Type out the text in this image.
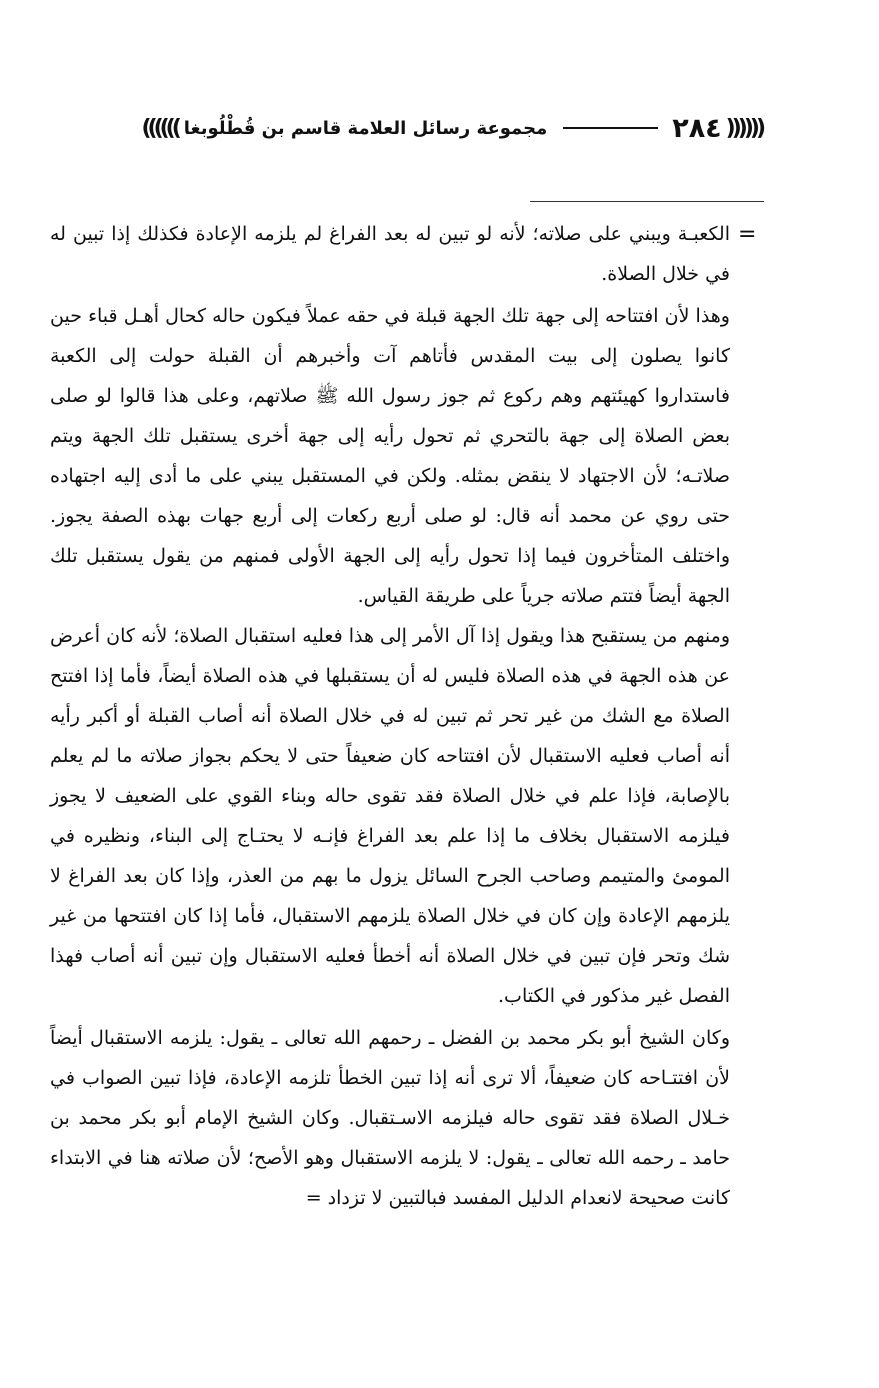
((((((
٢٨٤
مجموعة رسائل العلامة قاسم بن قُطْلُوبغا
))))))
=

الكعبـة ويبني على صلاته؛ لأنه لو تبين له بعد الفراغ لم يلزمه الإعادة فكذلك إذا تبين له في خلال الصلاة.

وهذا لأن افتتاحه إلى جهة تلك الجهة قبلة في حقه عملاً فيكون حاله كحال أهـل قباء حين كانوا يصلون إلى بيت المقدس فأتاهم آت وأخبرهم أن القبلة حولت إلى الكعبة فاستداروا كهيئتهم وهم ركوع ثم جوز رسول الله ﷺ صلاتهم، وعلى هذا قالوا لو صلى بعض الصلاة إلى جهة بالتحري ثم تحول رأيه إلى جهة أخرى يستقبل تلك الجهة ويتم صلاتـه؛ لأن الاجتهاد لا ينقض بمثله. ولكن في المستقبل يبني على ما أدى إليه اجتهاده حتى روي عن محمد أنه قال: لو صلى أربع ركعات إلى أربع جهات بهذه الصفة يجوز. واختلف المتأخرون فيما إذا تحول رأيه إلى الجهة الأولى فمنهم من يقول يستقبل تلك الجهة أيضاً فتتم صلاته جرياً على طريقة القياس.

ومنهم من يستقبح هذا ويقول إذا آل الأمر إلى هذا فعليه استقبال الصلاة؛ لأنه كان أعرض عن هذه الجهة في هذه الصلاة فليس له أن يستقبلها في هذه الصلاة أيضاً، فأما إذا افتتح الصلاة مع الشك من غير تحر ثم تبين له في خلال الصلاة أنه أصاب القبلة أو أكبر رأيه أنه أصاب فعليه الاستقبال لأن افتتاحه كان ضعيفاً حتى لا يحكم بجواز صلاته ما لم يعلم بالإصابة، فإذا علم في خلال الصلاة فقد تقوى حاله وبناء القوي على الضعيف لا يجوز فيلزمه الاستقبال بخلاف ما إذا علم بعد الفراغ فإنـه لا يحتـاج إلى البناء، ونظيره في المومئ والمتيمم وصاحب الجرح السائل يزول ما بهم من العذر، وإذا كان بعد الفراغ لا يلزمهم الإعادة وإن كان في خلال الصلاة يلزمهم الاستقبال، فأما إذا كان افتتحها من غير شك وتحر فإن تبين في خلال الصلاة أنه أخطأ فعليه الاستقبال وإن تبين أنه أصاب فهذا الفصل غير مذكور في الكتاب.

وكان الشيخ أبو بكر محمد بن الفضل ـ رحمهم الله تعالى ـ يقول: يلزمه الاستقبال أيضاً لأن افتتـاحه كان ضعيفاً، ألا ترى أنه إذا تبين الخطأ تلزمه الإعادة، فإذا تبين الصواب في خـلال الصلاة فقد تقوى حاله فيلزمه الاسـتقبال. وكان الشيخ الإمام أبو بكر محمد بن حامد ـ رحمه الله تعالى ـ يقول: لا يلزمه الاستقبال وهو الأصح؛ لأن صلاته هنا في الابتداء كانت صحيحة لانعدام الدليل المفسد فبالتبين لا تزداد =
